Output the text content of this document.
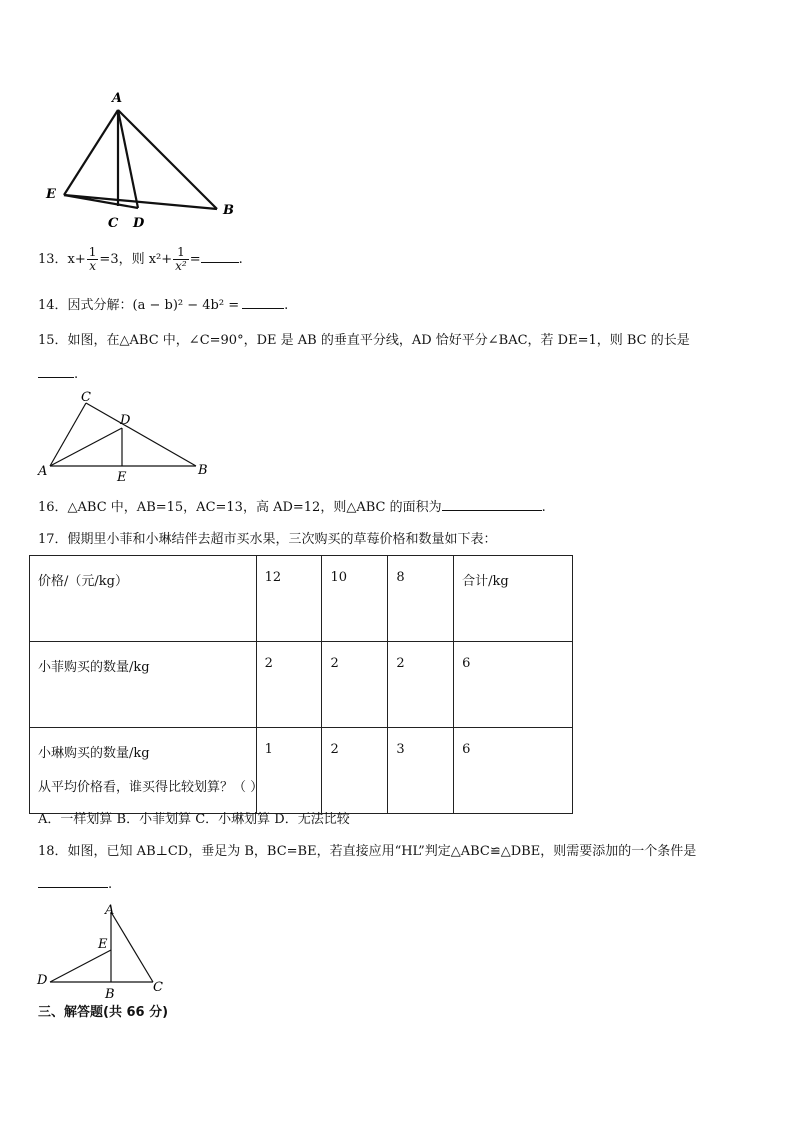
A
E
C D
B
13．$x+ \frac{1}{x} =3$，则 $x^2+ \frac{1}{\text{x²}}$ =	.
14．因式分解：(a − b)² − 4b² =	.
15．如图，在△ABC 中，∠C=90°，DE 是 AB 的垂直平分线，AD 恰好平分∠BAC，若 DE=1，则 BC 的长是
.
C
D
A	E	B
16．△ABC 中，AB=15，AC=13，高 AD=12，则△ABC 的面积为	.
17．假期里小菲和小琳结伴去超市买水果，三次购买的草莓价格和数量如下表：
价格/（元/kg）	12	10	8	合计/kg
小菲购买的数量/kg	2	2	2	6
小琳购买的数量/kg	1	2	3	6
从平均价格看，谁买得比较划算？（ ）
A．一样划算 B．小菲划算 C．小琳划算 D．无法比较
18．如图，已知 AB⊥CD，垂足为 B，BC=BE，若直接应用“HL”判定△ABC≌△DBE，则需要添加的一个条件是
.
A
E
D
B	C
三、解答题(共 66 分)
